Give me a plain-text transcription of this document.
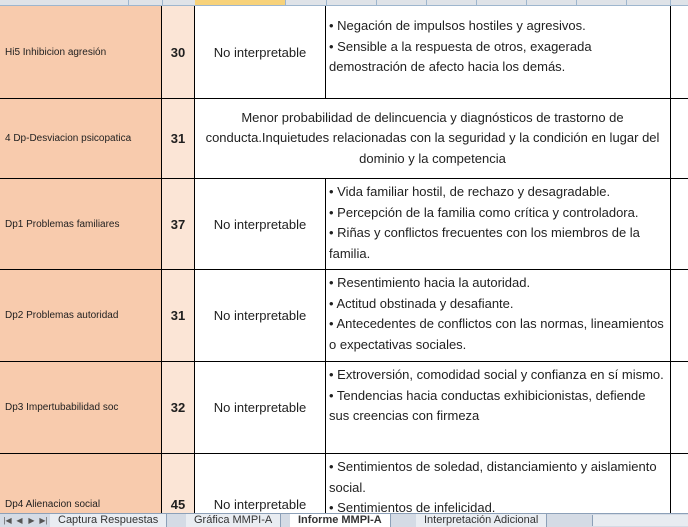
Hi5 Inhibicion agresión	30	No interpretable

• Negación de impulsos hostiles y agresivos.

• Sensible a la respuesta de otros, exagerada demostración de afecto hacia los demás.

4 Dp-Desviacion psicopatica	31
Menor probabilidad de delincuencia y diagnósticos de trastorno de conducta.Inquietudes relacionadas con la seguridad y la condición en lugar del dominio y la competencia
Dp1 Problemas familiares	37	No interpretable

• Vida familiar hostil, de rechazo y desagradable.

• Percepción de la familia como crítica y controladora.

• Riñas y conflictos frecuentes con los miembros de la familia.

Dp2 Problemas autoridad	31	No interpretable

• Resentimiento hacia la autoridad.

• Actitud obstinada y desafiante.

• Antecedentes de conflictos con las normas, lineamientos o expectativas sociales.

Dp3 Impertubabilidad soc	32	No interpretable

• Extroversión, comodidad social y confianza en sí mismo.

• Tendencias hacia conductas exhibicionistas, defiende sus creencias con firmeza

Dp4 Alienacion social	45	No interpretable

• Sentimientos de soledad, distanciamiento y aislamiento social.

• Sentimientos de infelicidad.

|◀ ◀ ▶ ▶| Captura Respuestas	Gráfica MMPI-A	Informe MMPI-A	Interpretación Adicional
